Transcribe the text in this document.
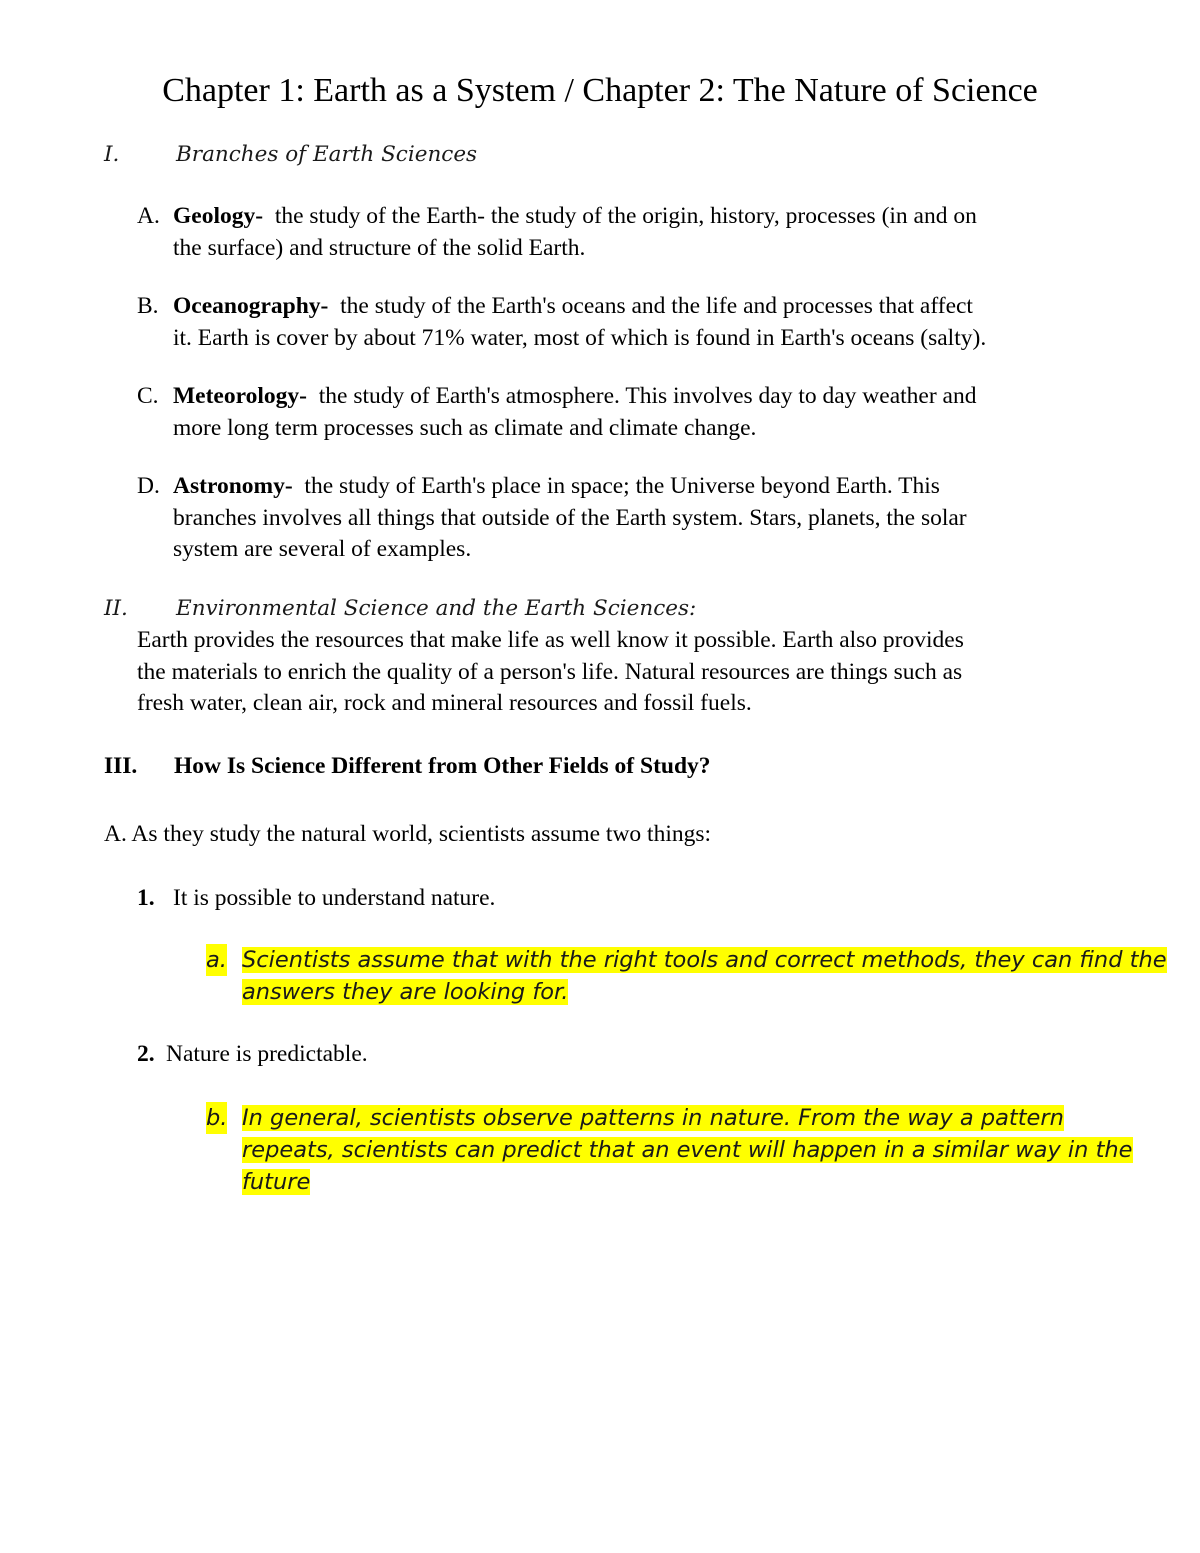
Chapter 1: Earth as a System / Chapter 2: The Nature of Science
I.	Branches of Earth Sciences
A. Geology- the study of the Earth- the study of the origin, history, processes (in and on
the surface) and structure of the solid Earth.
B. Oceanography- the study of the Earth's oceans and the life and processes that affect
it. Earth is cover by about 71% water, most of which is found in Earth's oceans (salty).
C. Meteorology- the study of Earth's atmosphere. This involves day to day weather and
more long term processes such as climate and climate change.
D. Astronomy- the study of Earth's place in space; the Universe beyond Earth. This
branches involves all things that outside of the Earth system. Stars, planets, the solar
system are several of examples.
II. Environmental Science and the Earth Sciences:
Earth provides the resources that make life as well know it possible. Earth also provides
the materials to enrich the quality of a person's life. Natural resources are things such as
fresh water, clean air, rock and mineral resources and fossil fuels.
III. How Is Science Different from Other Fields of Study?
A. As they study the natural world, scientists assume two things:
1. It is possible to understand nature.
a. Scientists assume that with the right tools and correct methods, they can find the
answers they are looking for.
2. Nature is predictable.
b. In general, scientists observe patterns in nature. From the way a pattern
repeats, scientists can predict that an event will happen in a similar way in the
future
